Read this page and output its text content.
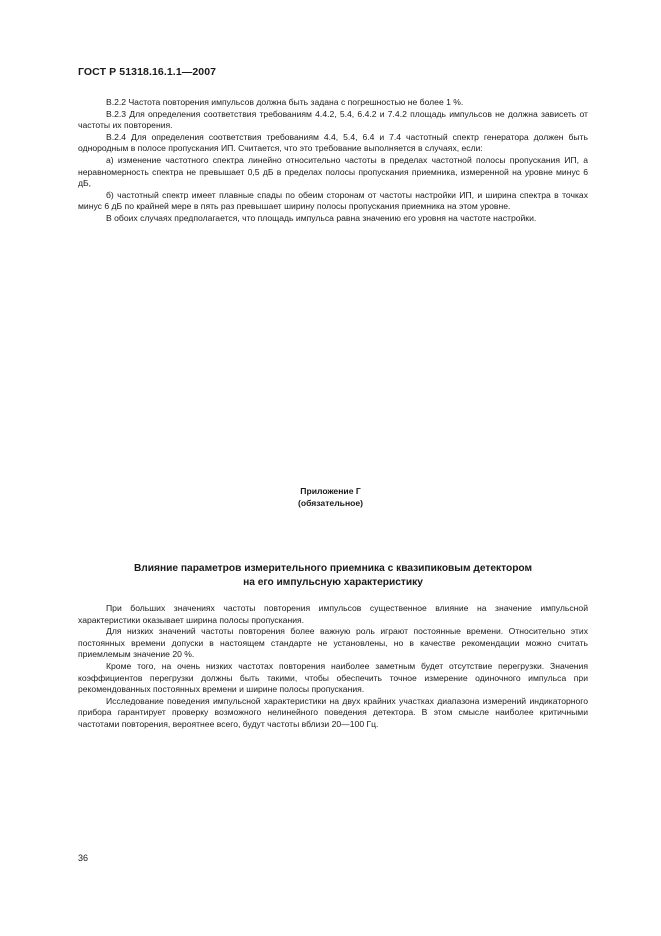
ГОСТ Р 51318.16.1.1—2007

В.2.2 Частота повторения импульсов должна быть задана с погрешностью не более 1 %.

В.2.3 Для определения соответствия требованиям 4.4.2, 5.4, 6.4.2 и 7.4.2 площадь импульсов не должна зависеть от частоты их повторения.

В.2.4 Для определения соответствия требованиям 4.4, 5.4, 6.4 и 7.4 частотный спектр генератора должен быть однородным в полосе пропускания ИП. Считается, что это требование выполняется в случаях, если:

а) изменение частотного спектра линейно относительно частоты в пределах частотной полосы пропускания ИП, а неравномерность спектра не превышает 0,5 дБ в пределах полосы пропускания приемника, измеренной на уровне минус 6 дБ,

б) частотный спектр имеет плавные спады по обеим сторонам от частоты настройки ИП, и ширина спектра в точках минус 6 дБ по крайней мере в пять раз превышает ширину полосы пропускания приемника на этом уровне.

В обоих случаях предполагается, что площадь импульса равна значению его уровня на частоте настройки.

Приложение Г
(обязательное)
Влияние параметров измерительного приемника с квазипиковым детектором
на его импульсную характеристику

При больших значениях частоты повторения импульсов существенное влияние на значение импульсной характеристики оказывает ширина полосы пропускания.

Для низких значений частоты повторения более важную роль играют постоянные времени. Относительно этих постоянных времени допуски в настоящем стандарте не установлены, но в качестве рекомендации можно считать приемлемым значение 20 %.

Кроме того, на очень низких частотах повторения наиболее заметным будет отсутствие перегрузки. Значения коэффициентов перегрузки должны быть такими, чтобы обеспечить точное измерение одиночного импульса при рекомендованных постоянных времени и ширине полосы пропускания.

Исследование поведения импульсной характеристики на двух крайних участках диапазона измерений индикаторного прибора гарантирует проверку возможного нелинейного поведения детектора. В этом смысле наиболее критичными частотами повторения, вероятнее всего, будут частоты вблизи 20—100 Гц.

36
